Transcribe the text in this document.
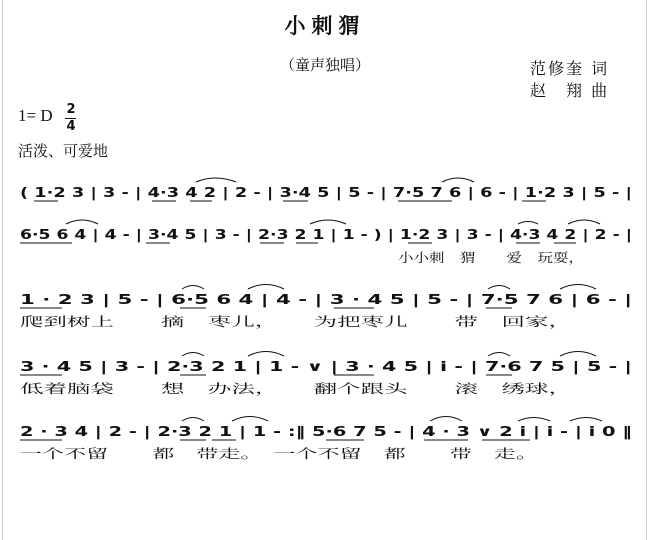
小刺猬
（童声独唱）	范修奎 词
赵　翔 曲
1= D 2
4
活泼、可爱地
( 1·2 3 | 3 - | 4·3 4 2 | 2 - | 3·4 5 | 5 - | 7·5 7 6 | 6 - | 1·2 3 | 5 - |
6·5 6 4 | 4 - | 3·4 5 | 3 - | 2·3 2 1 | 1 - ) | 1·2 3 | 3 - | 4·3 4 2 | 2 - |
小小刺　猬　　爱　玩耍，
1 · 2 3 | 5 - | 6·5 6 4 | 4 - | 3 · 4 5 | 5 - | 7·5 7 6 | 6 - |
爬到树上　　摘　枣儿，　　为把枣儿　　带　回家，
3 · 4 5 | 3 - | 2·3 2 1 | 1 - ∨ | 3 · 4 5 | i - | 7·6 7 5 | 5 - |
低着脑袋　　想　办法，　　翻个跟头　　滚　绣球，
2 · 3 4 | 2 - | 2·3 2 1 | 1 - :‖ 5·6 7 5 - | 4 · 3 ∨ 2 i | i - | i 0 ‖
一个不留　　都　带走。　一个不留　都　　带　走。
